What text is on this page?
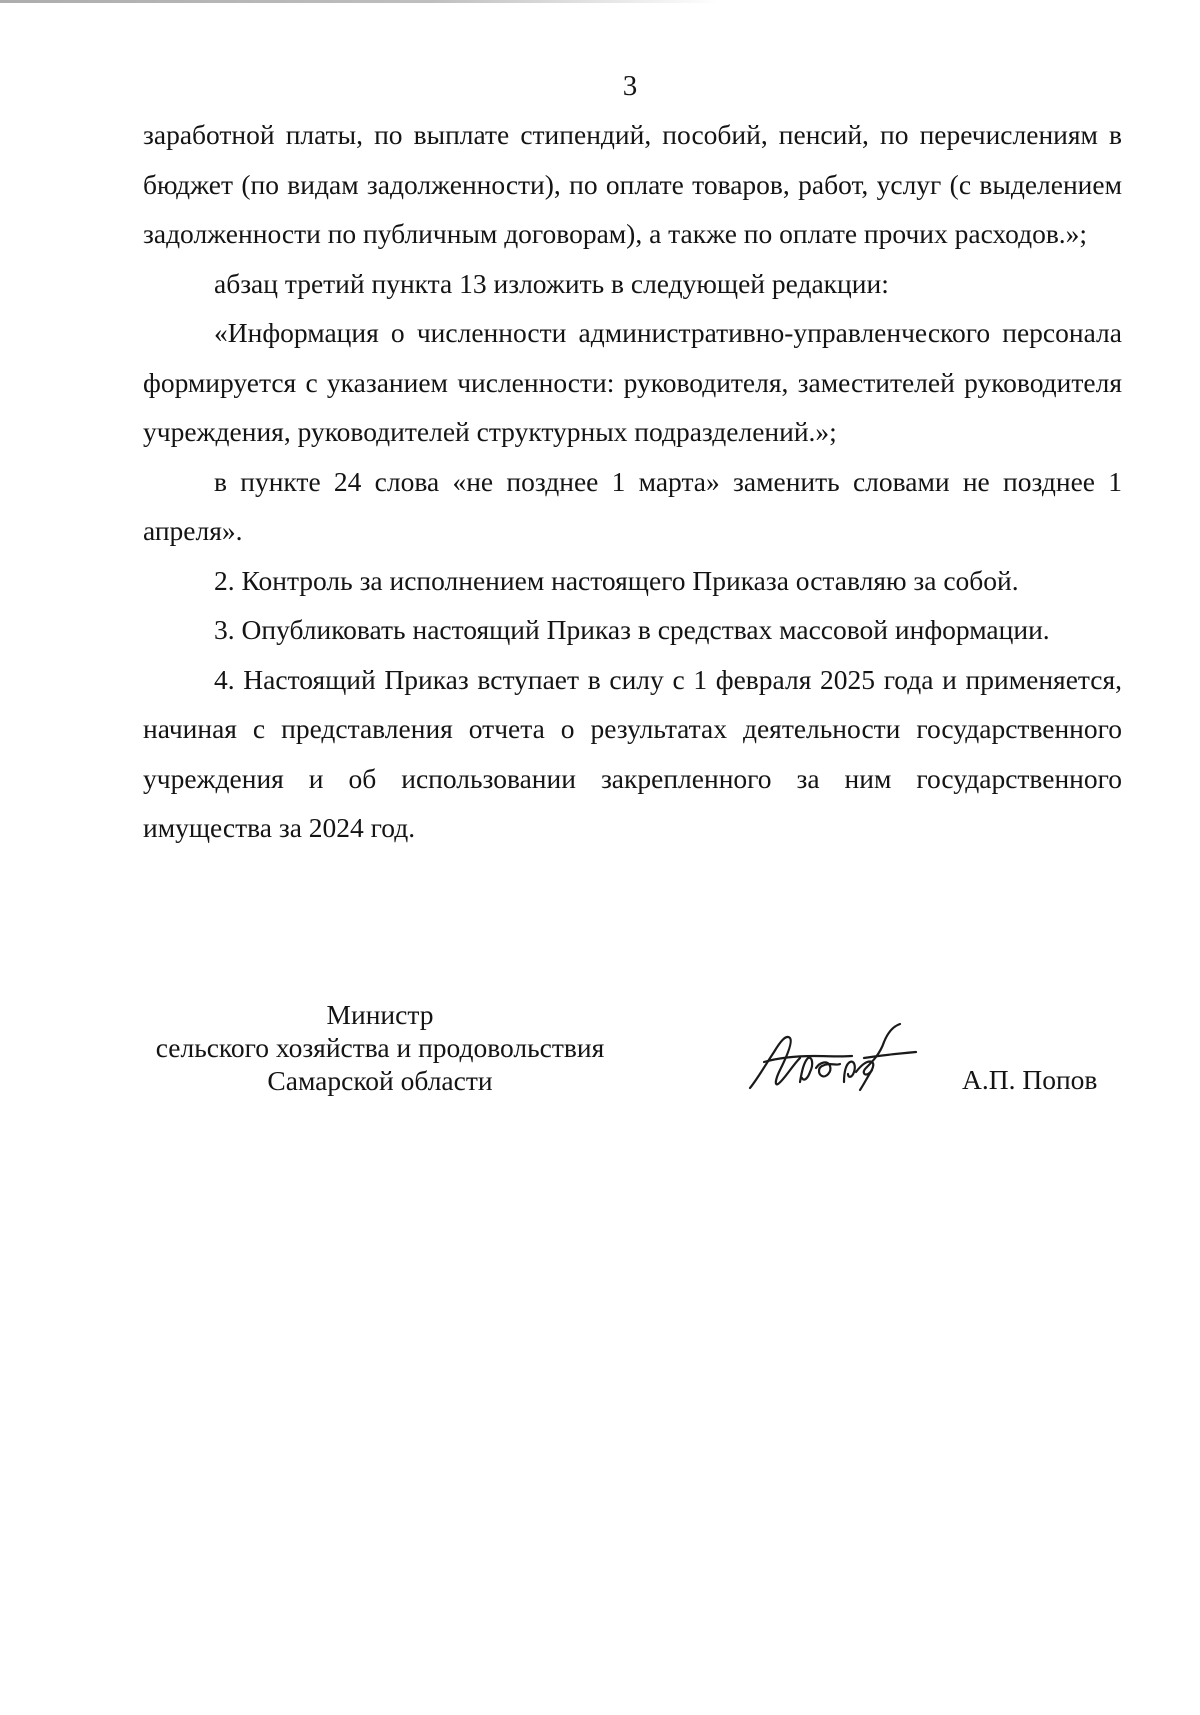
3

заработной платы, по выплате стипендий, пособий, пенсий, по перечислениям в бюджет (по видам задолженности), по оплате товаров, работ, услуг (с выделением задолженности по публичным договорам), а также по оплате прочих расходов.»;

абзац третий пункта 13 изложить в следующей редакции:

«Информация о численности административно-управленческого персонала формируется с указанием численности: руководителя, заместителей руководителя учреждения, руководителей структурных подразделений.»;

в пункте 24 слова «не позднее 1 марта» заменить словами не позднее 1 апреля».

2. Контроль за исполнением настоящего Приказа оставляю за собой.

3. Опубликовать настоящий Приказ в средствах массовой информации.

4. Настоящий Приказ вступает в силу с 1 февраля 2025 года и применяется, начиная с представления отчета о результатах деятельности государственного учреждения и об использовании закрепленного за ним государственного имущества за 2024 год.

Министр
сельского хозяйства и продовольствия
Самарской области	А.П. Попов
